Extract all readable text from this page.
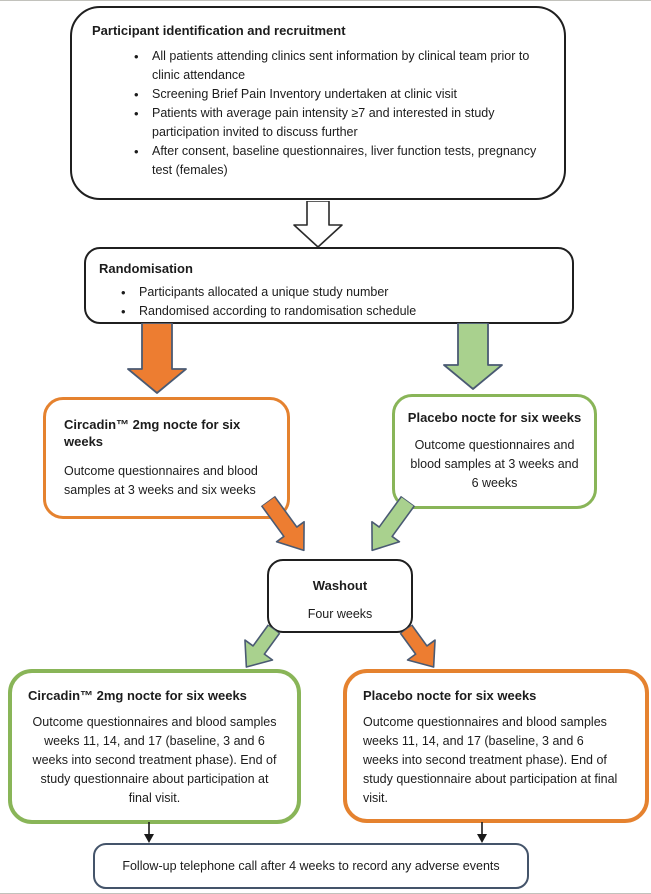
Participant identification and recruitment
• All patients attending clinics sent information by clinical team prior to clinic attendance
• Screening Brief Pain Inventory undertaken at clinic visit
• Patients with average pain intensity ≥7 and interested in study participation invited to discuss further
• After consent, baseline questionnaires, liver function tests, pregnancy test (females)
Randomisation
• Participants allocated a unique study number
• Randomised according to randomisation schedule
Circadin™ 2mg nocte for six weeks
Outcome questionnaires and blood samples at 3 weeks and six weeks
Placebo nocte for six weeks
Outcome questionnaires and blood samples at 3 weeks and 6 weeks
Washout
Four weeks
Circadin™ 2mg nocte for six weeks
Outcome questionnaires and blood samples weeks 11, 14, and 17 (baseline, 3 and 6 weeks into second treatment phase). End of study questionnaire about participation at final visit.
Placebo nocte for six weeks
Outcome questionnaires and blood samples weeks 11, 14, and 17 (baseline, 3 and 6 weeks into second treatment phase). End of study questionnaire about participation at final visit.
Follow-up telephone call after 4 weeks to record any adverse events
